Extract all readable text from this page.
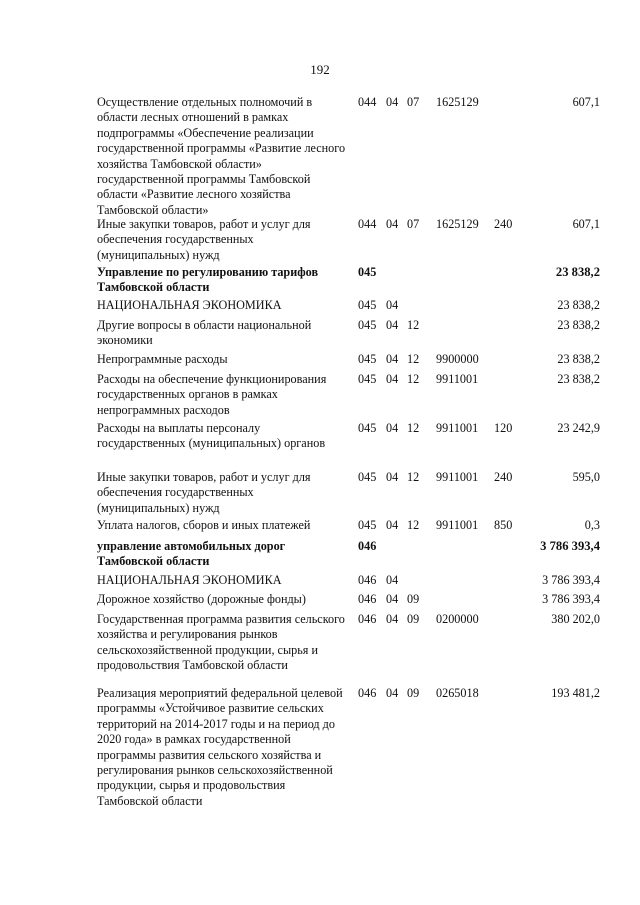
192
Осуществление отдельных полномочий в области лесных отношений в рамках подпрограммы «Обеспечение реализации государственной программы «Развитие лесного хозяйства Тамбовской области» государственной программы Тамбовской области «Развитие лесного хозяйства Тамбовской области»
044 04 07 1625129	607,1
Иные закупки товаров, работ и услуг для обеспечения государственных (муниципальных) нужд
044 04 07 1625129 240	607,1
Управление по регулированию тарифов Тамбовской области
045	23 838,2
НАЦИОНАЛЬНАЯ ЭКОНОМИКА	045 04	23 838,2
Другие вопросы в области национальной экономики
045 04 12	23 838,2
Непрограммные расходы	045 04 12 9900000	23 838,2
Расходы на обеспечение функционирования государственных органов в рамках непрограммных расходов
045 04 12 9911001	23 838,2
Расходы на выплаты персоналу государственных (муниципальных) органов
045 04 12 9911001 120	23 242,9
Иные закупки товаров, работ и услуг для обеспечения государственных (муниципальных) нужд
045 04 12 9911001 240	595,0
Уплата налогов, сборов и иных платежей	045 04 12 9911001 850	0,3
управление автомобильных дорог Тамбовской области
046	3 786 393,4
НАЦИОНАЛЬНАЯ ЭКОНОМИКА	046 04	3 786 393,4
Дорожное хозяйство (дорожные фонды)	046 04 09	3 786 393,4
Государственная программа развития сельского хозяйства и регулирования рынков сельскохозяйственной продукции, сырья и продовольствия Тамбовской области
046 04 09 0200000	380 202,0
Реализация мероприятий федеральной целевой программы «Устойчивое развитие сельских территорий на 2014-2017 годы и на период до 2020 года» в рамках государственной программы развития сельского хозяйства и регулирования рынков сельскохозяйственной продукции, сырья и продовольствия Тамбовской области
046 04 09 0265018	193 481,2
